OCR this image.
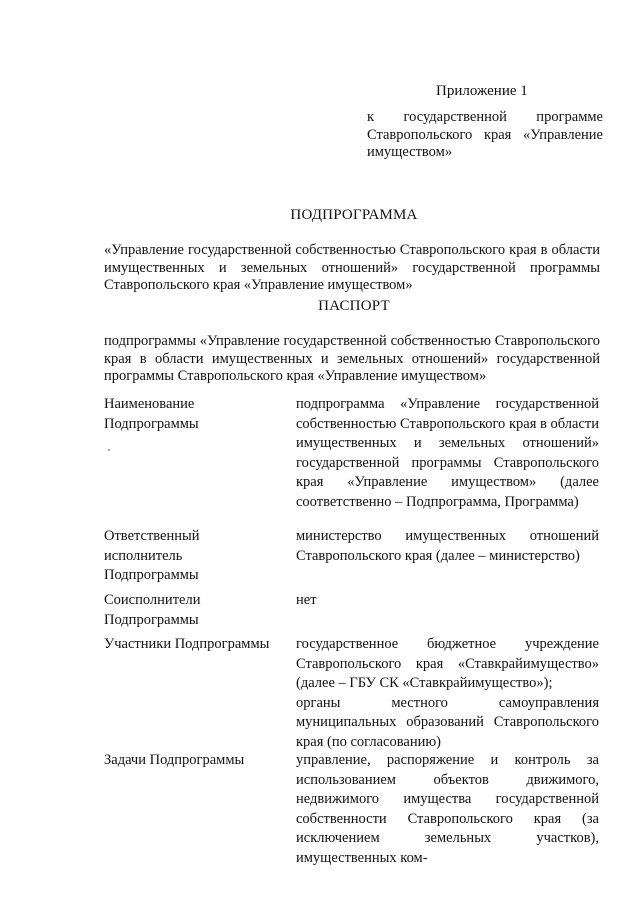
Приложение 1
к государственной программе Ставропольского края «Управление имуществом»
ПОДПРОГРАММА
«Управление государственной собственностью Ставропольского края в области имущественных и земельных отношений» государственной программы Ставропольского края «Управление имуществом»
ПАСПОРТ
подпрограммы «Управление государственной собственностью Ставропольского края в области имущественных и земельных отношений» государственной программы Ставропольского края «Управление имуществом»
Наименование Подпрограммы
подпрограмма «Управление государственной собственностью Ставропольского края в области имущественных и земельных отношений» государственной программы Ставропольского края «Управление имуществом» (далее соответственно – Подпрограмма, Программа)
Ответственный исполнитель Подпрограммы
министерство имущественных отношений Ставропольского края (далее – министерство)
Соисполнители Подпрограммы
нет
Участники Подпрограммы	государственное бюджетное учреждение Ставропольского края «Ставкрайимущество» (далее – ГБУ СК «Ставкрайимущество»);
органы местного самоуправления муниципальных образований Ставропольского края (по согласованию)
Задачи Подпрограммы	управление, распоряжение и контроль за использованием объектов движимого, недвижимого имущества государственной собственности Ставропольского края (за исключением земельных участков), имущественных ком-
